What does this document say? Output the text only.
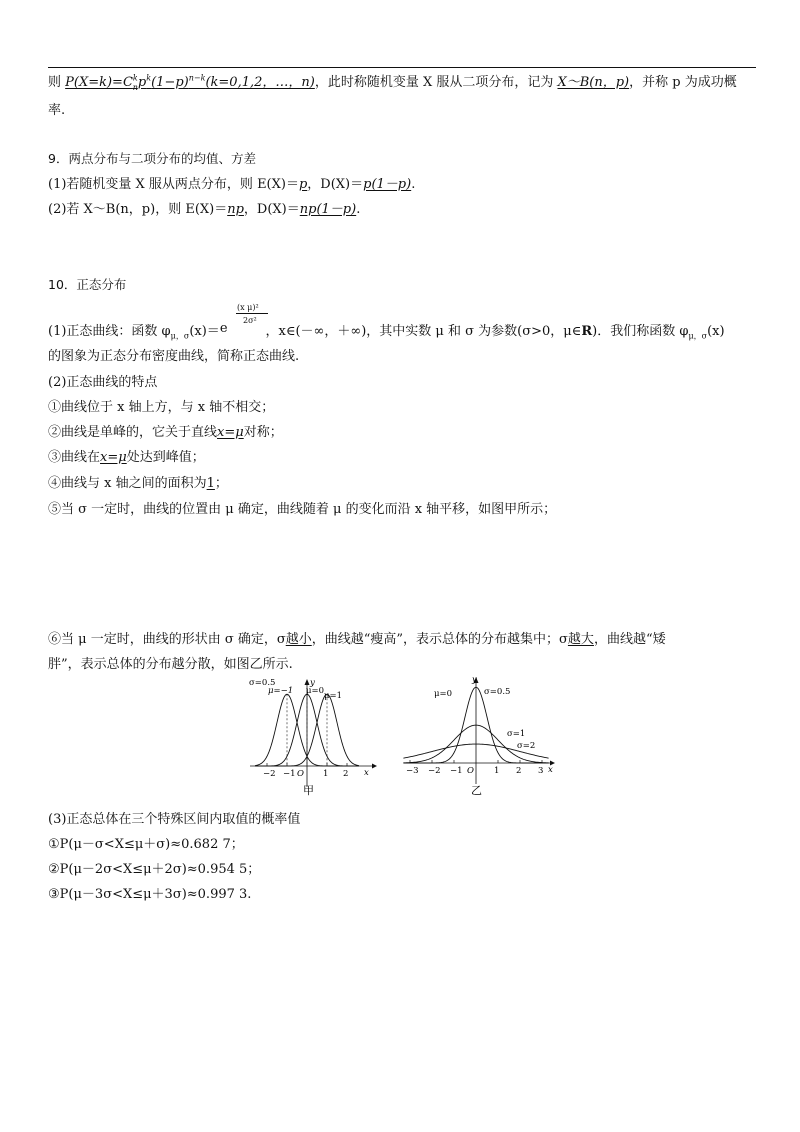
则 $P(X=k)=C^k_np^k(1-p)^{n-k}(k=0,1,2$，…，n)，此时称随机变量 X 服从二项分布，记为 X～B(n，p)，并称 p 为成功概
率.
9．两点分布与二项分布的均值、方差
(1)若随机变量 X 服从两点分布，则 E(X)＝p，D(X)＝p(1－p).
(2)若 X～B(n，p)，则 E(X)＝np，D(X)＝np(1－p).
10．正态分布
(x μ)²
2σ²
(1)正态曲线：函数 $\varphi_{\mu,\sigma}(x)=e$	，x∈(－∞，＋∞)，其中实数 μ 和 σ 为参数(σ>0，μ∈R)．我们称函数 $\varphi_{\mu,\sigma}(x)$
的图象为正态分布密度曲线，简称正态曲线.
(2)正态曲线的特点
①曲线位于 x 轴上方，与 x 轴不相交；
②曲线是单峰的，它关于直线x=μ对称；
③曲线在x=μ处达到峰值；
④曲线与 x 轴之间的面积为1；
⑤当 σ 一定时，曲线的位置由 μ 确定，曲线随着 μ 的变化而沿 x 轴平移，如图甲所示；
⑥当 μ 一定时，曲线的形状由 σ 确定，σ越小，曲线越“瘦高”，表示总体的分布越集中；σ越大，曲线越“矮
胖”，表示总体的分布越分散，如图乙所示.
−2 −1	1 2
σ=0.5
μ=−1 μ=0 μ=1
y
x
O
甲
−3 −2 −1	1 2 3
μ=0	σ=0.5
σ=1
σ=2
y
x
O
乙
(3)正态总体在三个特殊区间内取值的概率值
①P(μ－σ<X≤μ＋σ)≈0.682 7；
②P(μ－2σ<X≤μ＋2σ)≈0.954 5；
③P(μ－3σ<X≤μ＋3σ)≈0.997 3.
